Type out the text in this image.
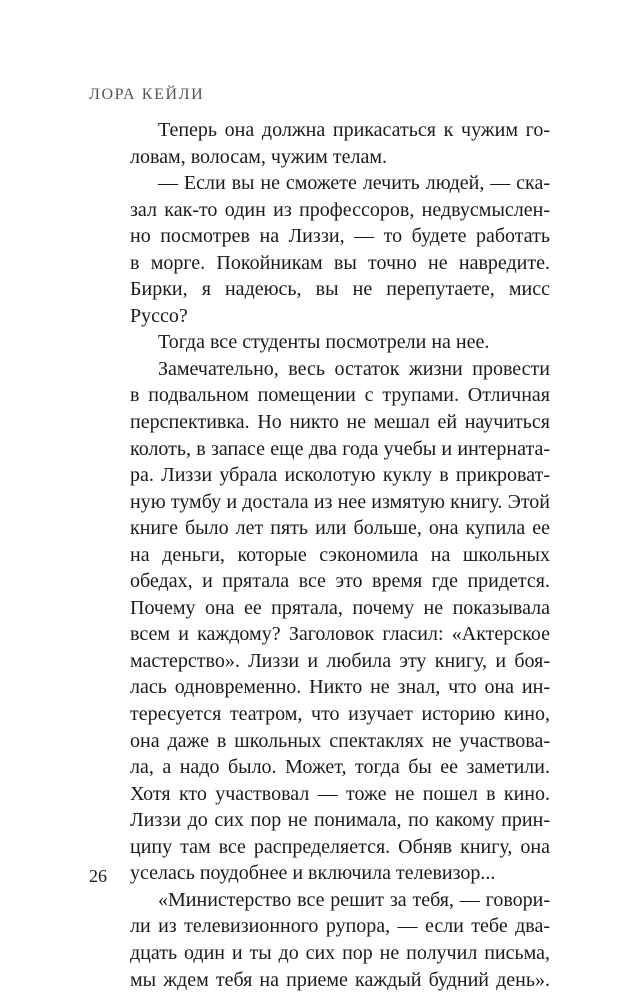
ЛОРА КЕЙЛИ
Теперь она должна прикасаться к чужим го-
ловам, волосам, чужим телам.
— Если вы не сможете лечить людей, — ска-
зал как-то один из профессоров, недвусмыслен-
но посмотрев на Лиззи, — то будете работать
в морге. Покойникам вы точно не навредите.
Бирки, я надеюсь, вы не перепутаете, мисс
Руссо?
Тогда все студенты посмотрели на нее.
Замечательно, весь остаток жизни провести
в подвальном помещении с трупами. Отличная
перспективка. Но никто не мешал ей научиться
колоть, в запасе еще два года учебы и интерната-
ра. Лиззи убрала исколотую куклу в прикроват-
ную тумбу и достала из нее измятую книгу. Этой
книге было лет пять или больше, она купила ее
на деньги, которые сэкономила на школьных
обедах, и прятала все это время где придется.
Почему она ее прятала, почему не показывала
всем и каждому? Заголовок гласил: «Актерское
мастерство». Лиззи и любила эту книгу, и боя-
лась одновременно. Никто не знал, что она ин-
тересуется театром, что изучает историю кино,
она даже в школьных спектаклях не участвова-
ла, а надо было. Может, тогда бы ее заметили.
Хотя кто участвовал — тоже не пошел в кино.
Лиззи до сих пор не понимала, по какому прин-
ципу там все распределяется. Обняв книгу, она
уселась поудобнее и включила телевизор...
«Министерство все решит за тебя, — говори-
ли из телевизионного рупора, — если тебе два-
дцать один и ты до сих пор не получил письма,
мы ждем тебя на приеме каждый будний день».
26
